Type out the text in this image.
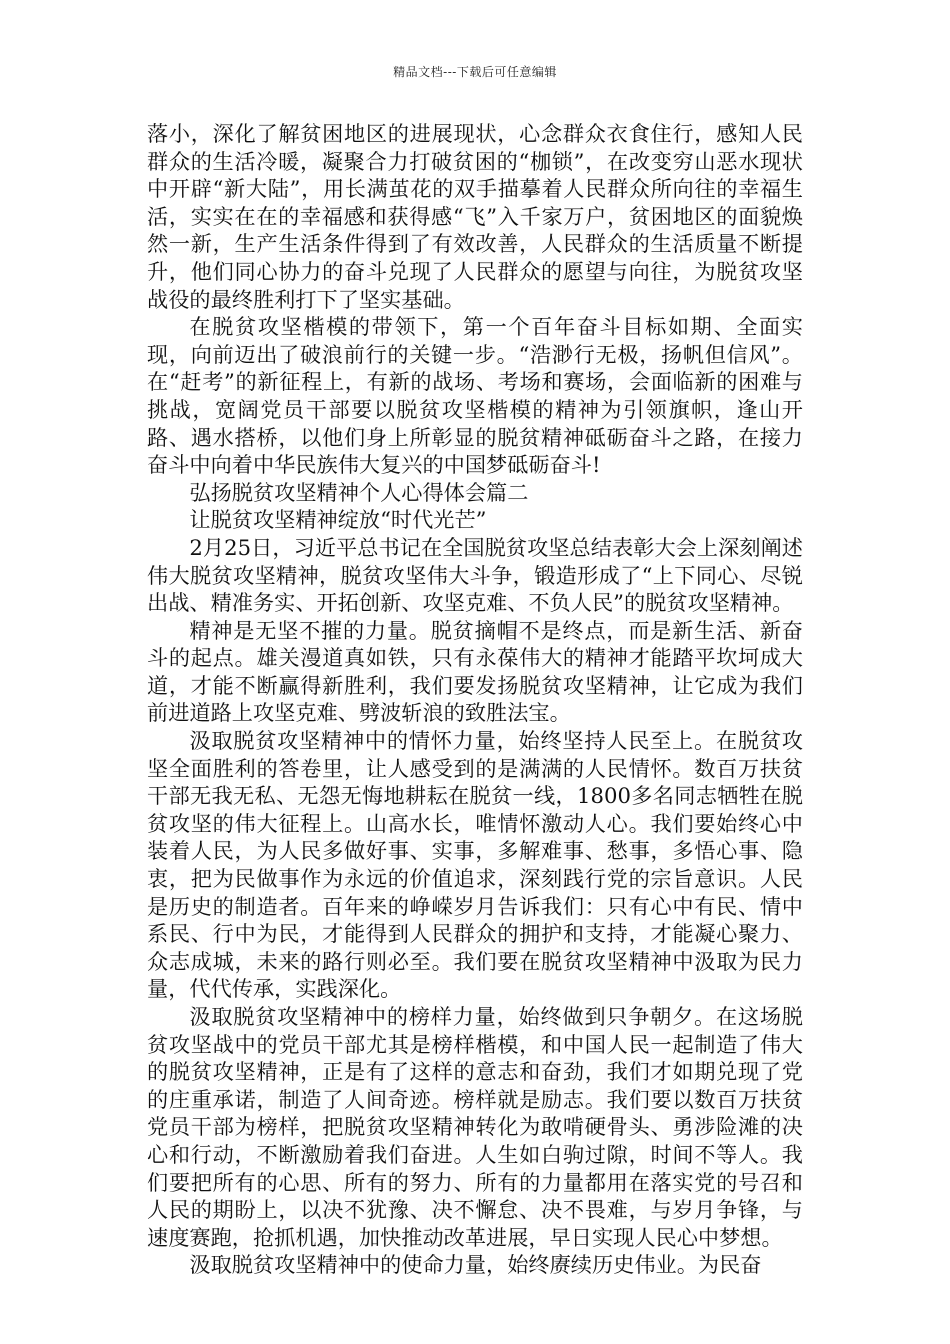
精品文档---下载后可任意编辑

落小，深化了解贫困地区的进展现状，心念群众衣食住行，感知人民群众的生活冷暖，凝聚合力打破贫困的“枷锁”，在改变穷山恶水现状中开辟“新大陆”，用长满茧花的双手描摹着人民群众所向往的幸福生活，实实在在的幸福感和获得感“飞”入千家万户，贫困地区的面貌焕然一新，生产生活条件得到了有效改善，人民群众的生活质量不断提升，他们同心协力的奋斗兑现了人民群众的愿望与向往，为脱贫攻坚战役的最终胜利打下了坚实基础。

在脱贫攻坚楷模的带领下，第一个百年奋斗目标如期、全面实现，向前迈出了破浪前行的关键一步。“浩渺行无极，扬帆但信风”。在“赶考”的新征程上，有新的战场、考场和赛场，会面临新的困难与挑战，宽阔党员干部要以脱贫攻坚楷模的精神为引领旗帜，逢山开路、遇水搭桥，以他们身上所彰显的脱贫精神砥砺奋斗之路，在接力奋斗中向着中华民族伟大复兴的中国梦砥砺奋斗!

弘扬脱贫攻坚精神个人心得体会篇二

让脱贫攻坚精神绽放“时代光芒”

2月25日，习近平总书记在全国脱贫攻坚总结表彰大会上深刻阐述伟大脱贫攻坚精神，脱贫攻坚伟大斗争，锻造形成了“上下同心、尽锐出战、精准务实、开拓创新、攻坚克难、不负人民”的脱贫攻坚精神。

精神是无坚不摧的力量。脱贫摘帽不是终点，而是新生活、新奋斗的起点。雄关漫道真如铁，只有永葆伟大的精神才能踏平坎坷成大道，才能不断赢得新胜利，我们要发扬脱贫攻坚精神，让它成为我们前进道路上攻坚克难、劈波斩浪的致胜法宝。

汲取脱贫攻坚精神中的情怀力量，始终坚持人民至上。在脱贫攻坚全面胜利的答卷里，让人感受到的是满满的人民情怀。数百万扶贫干部无我无私、无怨无悔地耕耘在脱贫一线，1800多名同志牺牲在脱贫攻坚的伟大征程上。山高水长，唯情怀激动人心。我们要始终心中装着人民，为人民多做好事、实事，多解难事、愁事，多悟心事、隐衷，把为民做事作为永远的价值追求，深刻践行党的宗旨意识。人民是历史的制造者。百年来的峥嵘岁月告诉我们：只有心中有民、情中系民、行中为民，才能得到人民群众的拥护和支持，才能凝心聚力、众志成城，未来的路行则必至。我们要在脱贫攻坚精神中汲取为民力量，代代传承，实践深化。

汲取脱贫攻坚精神中的榜样力量，始终做到只争朝夕。在这场脱贫攻坚战中的党员干部尤其是榜样楷模，和中国人民一起制造了伟大的脱贫攻坚精神，正是有了这样的意志和奋劲，我们才如期兑现了党的庄重承诺，制造了人间奇迹。榜样就是励志。我们要以数百万扶贫党员干部为榜样，把脱贫攻坚精神转化为敢啃硬骨头、勇涉险滩的决心和行动，不断激励着我们奋进。人生如白驹过隙，时间不等人。我们要把所有的心思、所有的努力、所有的力量都用在落实党的号召和人民的期盼上，以决不犹豫、决不懈怠、决不畏难，与岁月争锋，与速度赛跑，抢抓机遇，加快推动改革进展，早日实现人民心中梦想。

汲取脱贫攻坚精神中的使命力量，始终赓续历史伟业。为民奋
